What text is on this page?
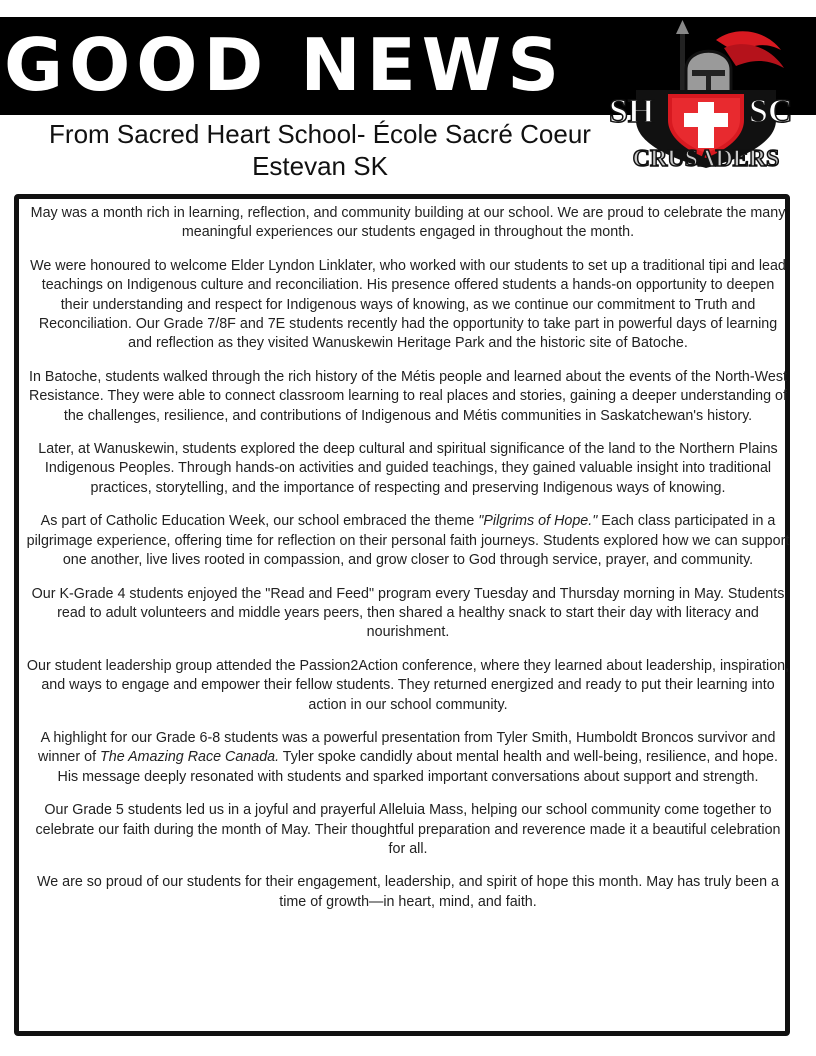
GOOD NEWS
From Sacred Heart School- École Sacré Coeur
Estevan SK
SH	SC
CRUSADERS

May was a month rich in learning, reflection, and community building at our school. We are proud to celebrate the many meaningful experiences our students engaged in throughout the month.

We were honoured to welcome Elder Lyndon Linklater, who worked with our students to set up a traditional tipi and lead teachings on Indigenous culture and reconciliation. His presence offered students a hands-on opportunity to deepen their understanding and respect for Indigenous ways of knowing, as we continue our commitment to Truth and Reconciliation. Our Grade 7/8F and 7E students recently had the opportunity to take part in powerful days of learning and reflection as they visited Wanuskewin Heritage Park and the historic site of Batoche.

In Batoche, students walked through the rich history of the Métis people and learned about the events of the North-West Resistance. They were able to connect classroom learning to real places and stories, gaining a deeper understanding of the challenges, resilience, and contributions of Indigenous and Métis communities in Saskatchewan's history.

Later, at Wanuskewin, students explored the deep cultural and spiritual significance of the land to the Northern Plains Indigenous Peoples. Through hands-on activities and guided teachings, they gained valuable insight into traditional practices, storytelling, and the importance of respecting and preserving Indigenous ways of knowing.

As part of Catholic Education Week, our school embraced the theme "Pilgrims of Hope." Each class participated in a pilgrimage experience, offering time for reflection on their personal faith journeys. Students explored how we can support one another, live lives rooted in compassion, and grow closer to God through service, prayer, and community.

Our K-Grade 4 students enjoyed the "Read and Feed" program every Tuesday and Thursday morning in May. Students read to adult volunteers and middle years peers, then shared a healthy snack to start their day with literacy and nourishment.

Our student leadership group attended the Passion2Action conference, where they learned about leadership, inspiration, and ways to engage and empower their fellow students. They returned energized and ready to put their learning into action in our school community.

A highlight for our Grade 6-8 students was a powerful presentation from Tyler Smith, Humboldt Broncos survivor and winner of The Amazing Race Canada. Tyler spoke candidly about mental health and well-being, resilience, and hope. His message deeply resonated with students and sparked important conversations about support and strength.

Our Grade 5 students led us in a joyful and prayerful Alleluia Mass, helping our school community come together to celebrate our faith during the month of May. Their thoughtful preparation and reverence made it a beautiful celebration for all.

We are so proud of our students for their engagement, leadership, and spirit of hope this month. May has truly been a time of growth—in heart, mind, and faith.
